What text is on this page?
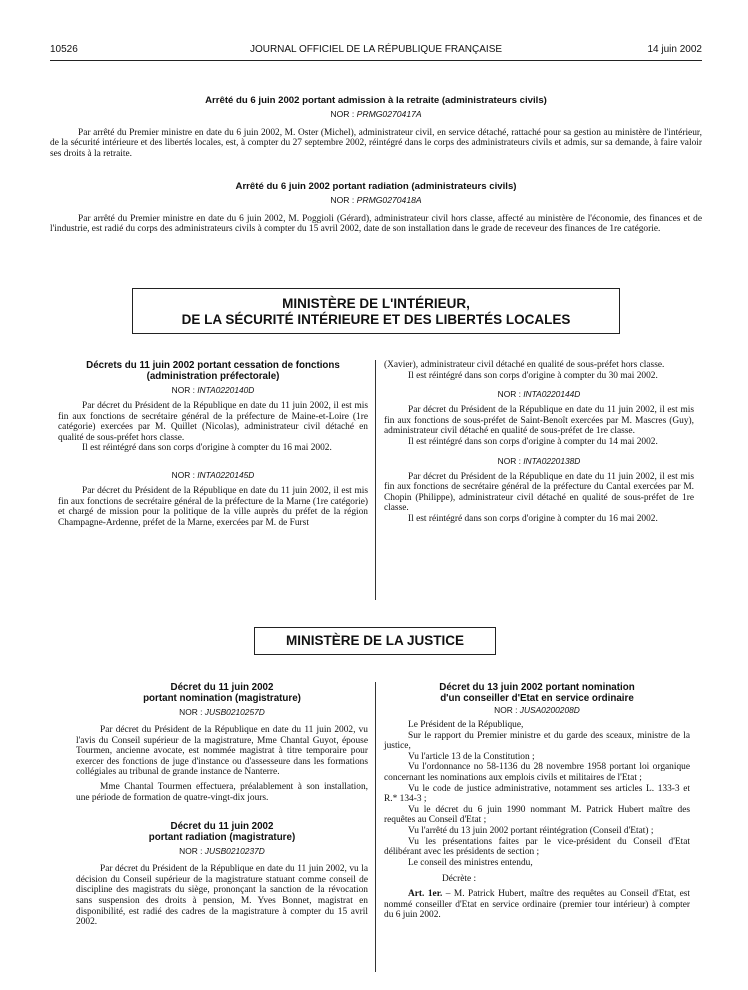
10526	JOURNAL OFFICIEL DE LA RÉPUBLIQUE FRANÇAISE	14 juin 2002
Arrêté du 6 juin 2002 portant admission à la retraite (administrateurs civils)
NOR : PRMG0270417A

Par arrêté du Premier ministre en date du 6 juin 2002, M. Oster (Michel), administrateur civil, en service détaché, rattaché pour sa gestion au ministère de l'intérieur, de la sécurité intérieure et des libertés locales, est, à compter du 27 septembre 2002, réintégré dans le corps des administrateurs civils et admis, sur sa demande, à faire valoir ses droits à la retraite.

Arrêté du 6 juin 2002 portant radiation (administrateurs civils)
NOR : PRMG0270418A

Par arrêté du Premier ministre en date du 6 juin 2002, M. Poggioli (Gérard), administrateur civil hors classe, affecté au ministère de l'économie, des finances et de l'industrie, est radié du corps des administrateurs civils à compter du 15 avril 2002, date de son installation dans le grade de receveur des finances de 1re catégorie.

MINISTÈRE DE L'INTÉRIEUR,
DE LA SÉCURITÉ INTÉRIEURE ET DES LIBERTÉS LOCALES
Décrets du 11 juin 2002 portant cessation de fonctions (administration préfectorale)
NOR : INTA0220140D

Par décret du Président de la République en date du 11 juin 2002, il est mis fin aux fonctions de secrétaire général de la préfecture de Maine-et-Loire (1re catégorie) exercées par M. Quillet (Nicolas), administrateur civil détaché en qualité de sous-préfet hors classe.

Il est réintégré dans son corps d'origine à compter du 16 mai 2002.

NOR : INTA0220145D

Par décret du Président de la République en date du 11 juin 2002, il est mis fin aux fonctions de secrétaire général de la préfecture de la Marne (1re catégorie) et chargé de mission pour la politique de la ville auprès du préfet de la région Champagne-Ardenne, préfet de la Marne, exercées par M. de Furst

(Xavier), administrateur civil détaché en qualité de sous-préfet hors classe.

Il est réintégré dans son corps d'origine à compter du 30 mai 2002.

NOR : INTA0220144D

Par décret du Président de la République en date du 11 juin 2002, il est mis fin aux fonctions de sous-préfet de Saint-Benoît exercées par M. Mascres (Guy), administrateur civil détaché en qualité de sous-préfet de 1re classe.

Il est réintégré dans son corps d'origine à compter du 14 mai 2002.

NOR : INTA0220138D

Par décret du Président de la République en date du 11 juin 2002, il est mis fin aux fonctions de secrétaire général de la préfecture du Cantal exercées par M. Chopin (Philippe), administrateur civil détaché en qualité de sous-préfet de 1re classe.

Il est réintégré dans son corps d'origine à compter du 16 mai 2002.

MINISTÈRE DE LA JUSTICE
Décret du 11 juin 2002
portant nomination (magistrature)
NOR : JUSB0210257D

Par décret du Président de la République en date du 11 juin 2002, vu l'avis du Conseil supérieur de la magistrature, Mme Chantal Guyot, épouse Tourmen, ancienne avocate, est nommée magistrat à titre temporaire pour exercer des fonctions de juge d'instance ou d'assesseure dans les formations collégiales au tribunal de grande instance de Nanterre.

Mme Chantal Tourmen effectuera, préalablement à son installation, une période de formation de quatre-vingt-dix jours.

Décret du 11 juin 2002
portant radiation (magistrature)
NOR : JUSB0210237D

Par décret du Président de la République en date du 11 juin 2002, vu la décision du Conseil supérieur de la magistrature statuant comme conseil de discipline des magistrats du siège, prononçant la sanction de la révocation sans suspension des droits à pension, M. Yves Bonnet, magistrat en disponibilité, est radié des cadres de la magistrature à compter du 15 avril 2002.

Décret du 13 juin 2002 portant nomination
d'un conseiller d'Etat en service ordinaire
NOR : JUSA0200208D

Le Président de la République,

Sur le rapport du Premier ministre et du garde des sceaux, ministre de la justice,

Vu l'article 13 de la Constitution ;

Vu l'ordonnance no 58-1136 du 28 novembre 1958 portant loi organique concernant les nominations aux emplois civils et militaires de l'Etat ;

Vu le code de justice administrative, notamment ses articles L. 133-3 et R.* 134-3 ;

Vu le décret du 6 juin 1990 nommant M. Patrick Hubert maître des requêtes au Conseil d'Etat ;

Vu l'arrêté du 13 juin 2002 portant réintégration (Conseil d'Etat) ;

Vu les présentations faites par le vice-président du Conseil d'Etat délibérant avec les présidents de section ;

Le conseil des ministres entendu,

Décrète :

Art. 1er. – M. Patrick Hubert, maître des requêtes au Conseil d'Etat, est nommé conseiller d'Etat en service ordinaire (premier tour intérieur) à compter du 6 juin 2002.
